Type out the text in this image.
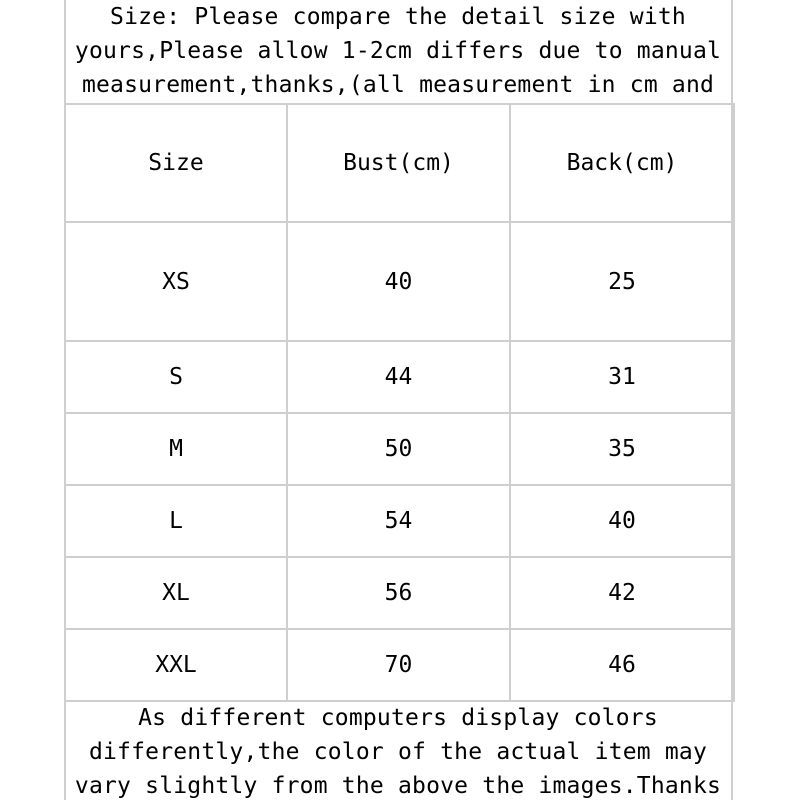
Size: Please compare the detail size with
yours,Please allow 1-2cm differs due to manual
measurement,thanks,(all measurement in cm and
Size	Bust(cm)	Back(cm)
XS	40	25
S	44	31
M	50	35
L	54	40
XL	56	42
XXL	70	46
As different computers display colors
differently,the color of the actual item may
vary slightly from the above the images.Thanks
